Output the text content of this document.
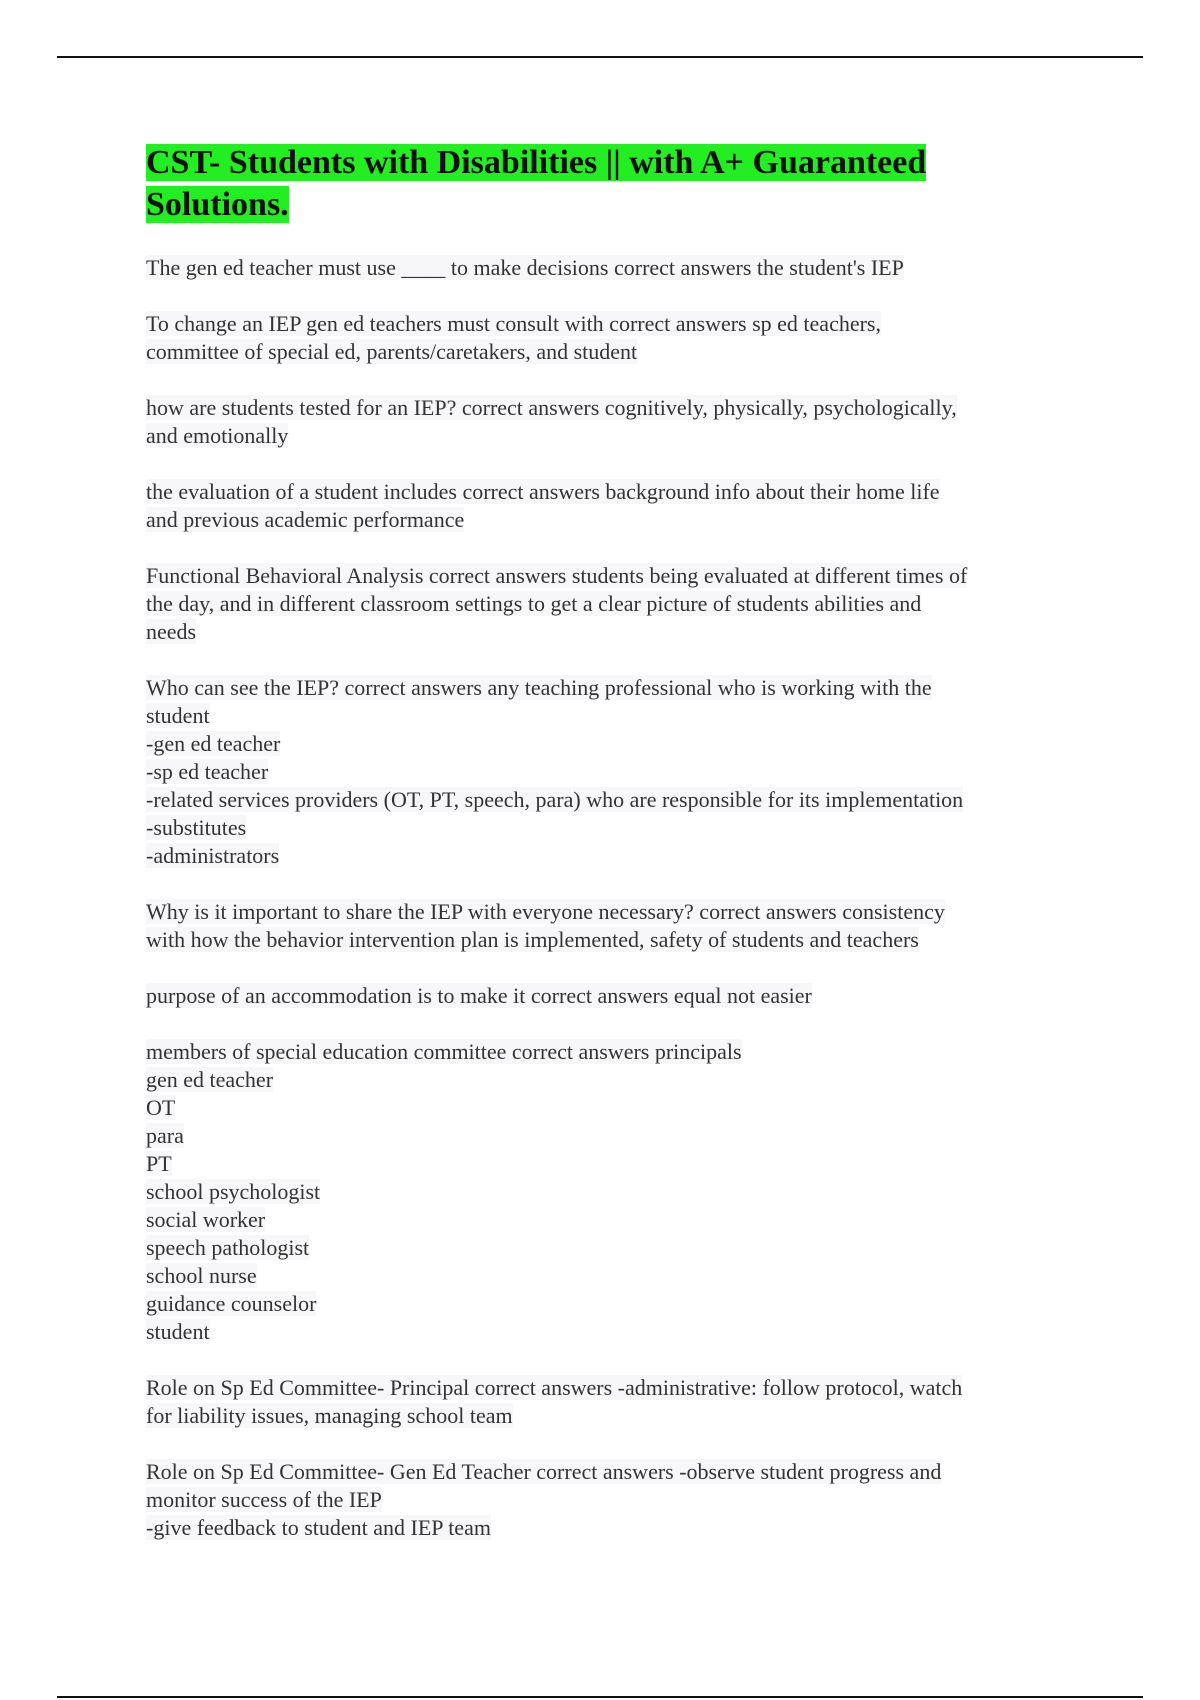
CST- Students with Disabilities || with A+ Guaranteed Solutions.
The gen ed teacher must use ____ to make decisions correct answers the student's IEP
To change an IEP gen ed teachers must consult with correct answers sp ed teachers,
committee of special ed, parents/caretakers, and student
how are students tested for an IEP? correct answers cognitively, physically, psychologically,
and emotionally
the evaluation of a student includes correct answers background info about their home life
and previous academic performance
Functional Behavioral Analysis correct answers students being evaluated at different times of
the day, and in different classroom settings to get a clear picture of students abilities and
needs
Who can see the IEP? correct answers any teaching professional who is working with the
student
-gen ed teacher
-sp ed teacher
-related services providers (OT, PT, speech, para) who are responsible for its implementation
-substitutes
-administrators
Why is it important to share the IEP with everyone necessary? correct answers consistency
with how the behavior intervention plan is implemented, safety of students and teachers
purpose of an accommodation is to make it correct answers equal not easier
members of special education committee correct answers principals
gen ed teacher
OT
para
PT
school psychologist
social worker
speech pathologist
school nurse
guidance counselor
student
Role on Sp Ed Committee- Principal correct answers -administrative: follow protocol, watch
for liability issues, managing school team
Role on Sp Ed Committee- Gen Ed Teacher correct answers -observe student progress and
monitor success of the IEP
-give feedback to student and IEP team
